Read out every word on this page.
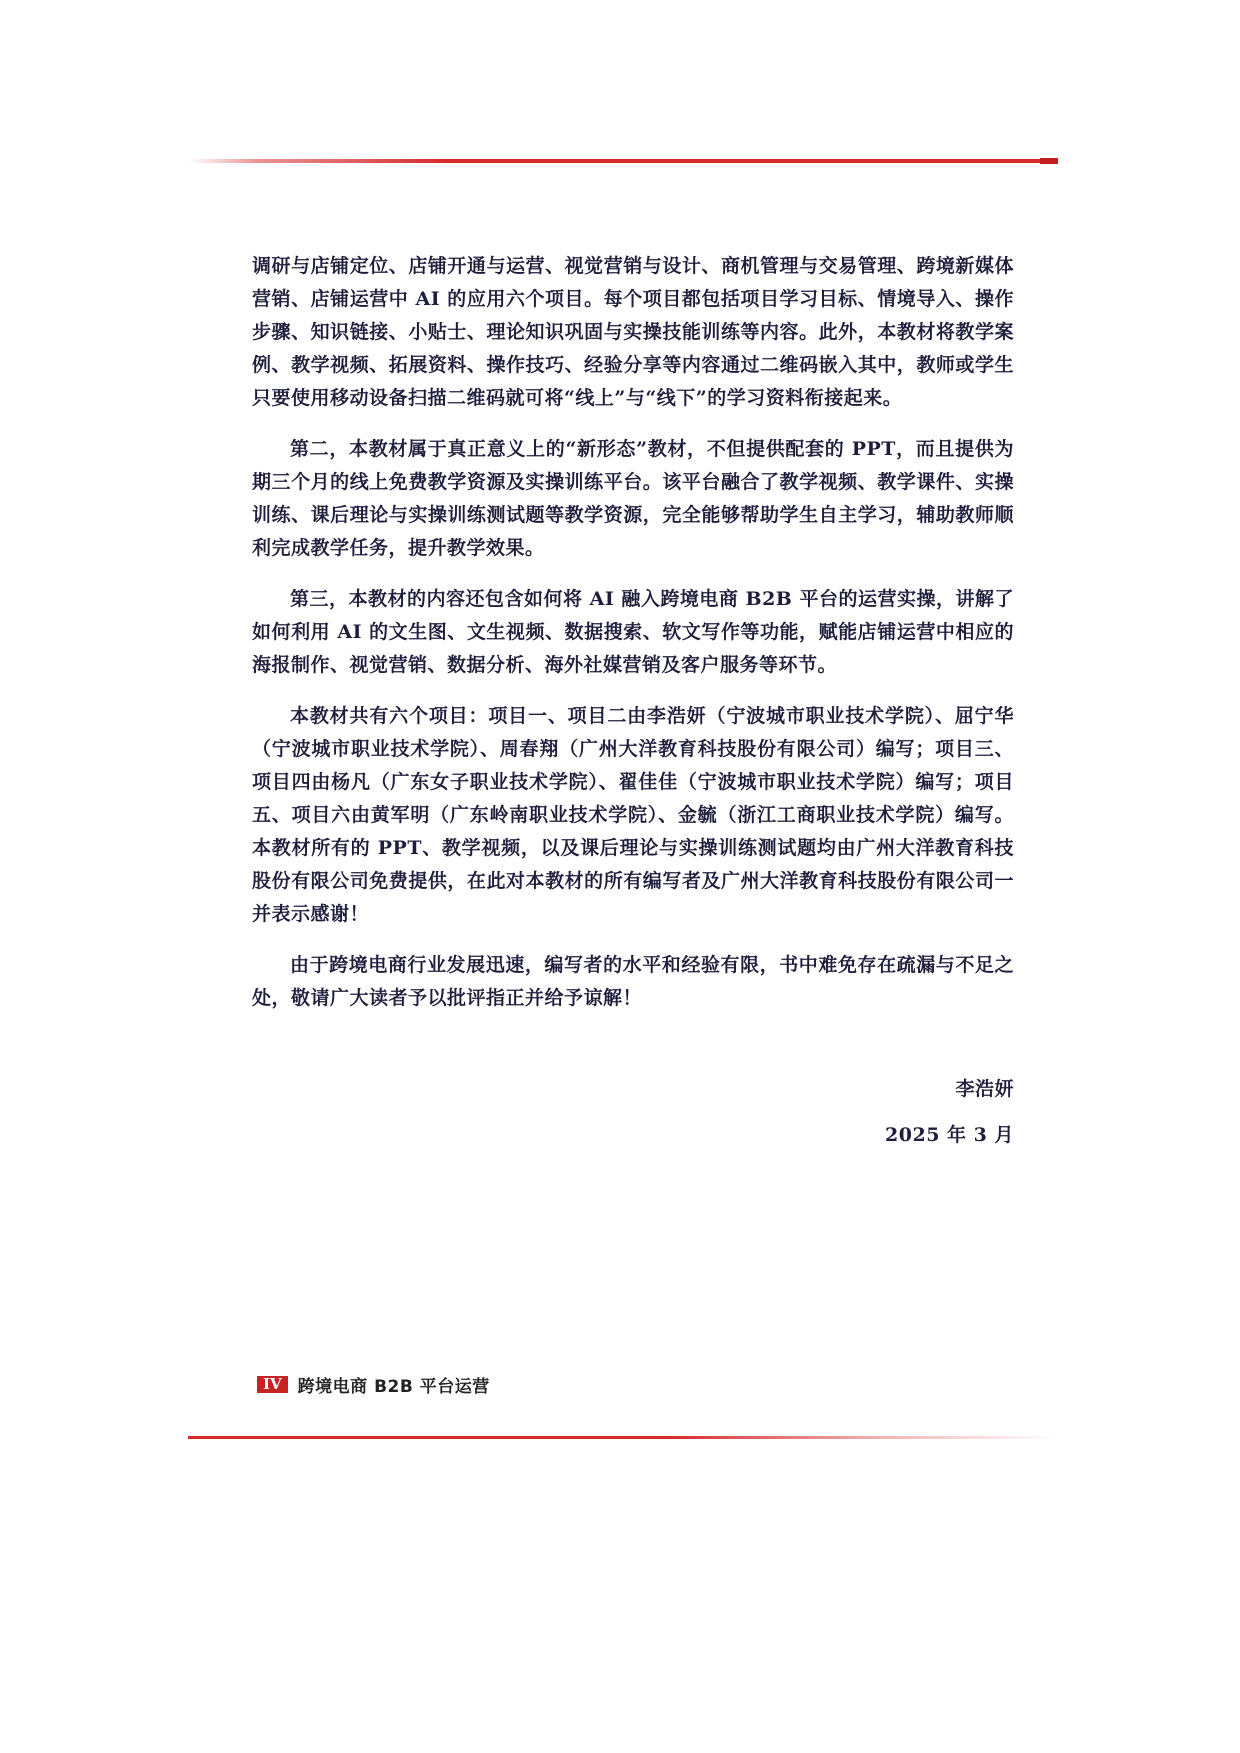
调研与店铺定位、店铺开通与运营、视觉营销与设计、商机管理与交易管理、跨境新媒体营销、店铺运营中 AI 的应用六个项目。每个项目都包括项目学习目标、情境导入、操作步骤、知识链接、小贴士、理论知识巩固与实操技能训练等内容。此外，本教材将教学案例、教学视频、拓展资料、操作技巧、经验分享等内容通过二维码嵌入其中，教师或学生只要使用移动设备扫描二维码就可将“线上”与“线下”的学习资料衔接起来。

第二，本教材属于真正意义上的“新形态”教材，不但提供配套的 PPT，而且提供为期三个月的线上免费教学资源及实操训练平台。该平台融合了教学视频、教学课件、实操训练、课后理论与实操训练测试题等教学资源，完全能够帮助学生自主学习，辅助教师顺利完成教学任务，提升教学效果。

第三，本教材的内容还包含如何将 AI 融入跨境电商 B2B 平台的运营实操，讲解了如何利用 AI 的文生图、文生视频、数据搜索、软文写作等功能，赋能店铺运营中相应的海报制作、视觉营销、数据分析、海外社媒营销及客户服务等环节。

本教材共有六个项目：项目一、项目二由李浩妍（宁波城市职业技术学院）、屈宁华（宁波城市职业技术学院）、周春翔（广州大洋教育科技股份有限公司）编写；项目三、项目四由杨凡（广东女子职业技术学院）、翟佳佳（宁波城市职业技术学院）编写；项目五、项目六由黄军明（广东岭南职业技术学院）、金毓（浙江工商职业技术学院）编写。本教材所有的 PPT、教学视频，以及课后理论与实操训练测试题均由广州大洋教育科技股份有限公司免费提供，在此对本教材的所有编写者及广州大洋教育科技股份有限公司一并表示感谢！

由于跨境电商行业发展迅速，编写者的水平和经验有限，书中难免存在疏漏与不足之处，敬请广大读者予以批评指正并给予谅解！

李浩妍
2025 年 3 月
IV 跨境电商 B2B 平台运营
